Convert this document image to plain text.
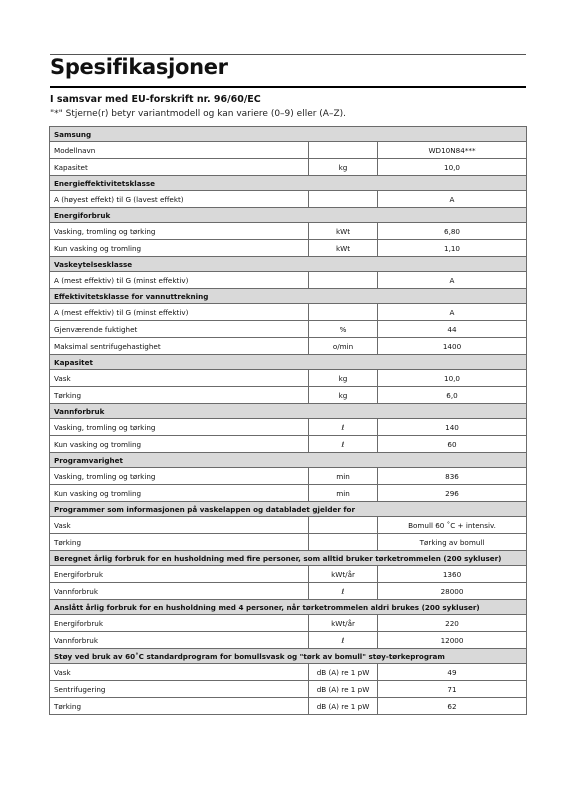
Spesifikasjoner
I samsvar med EU-forskrift nr. 96/60/EC
"*" Stjerne(r) betyr variantmodell og kan variere (0–9) eller (A–Z).
Samsung		
Modellnavn		WD10N84***
Kapasitet	kg	10,0
Energieffektivitetsklasse		
A (høyest effekt) til G (lavest effekt)		A
Energiforbruk		
Vasking, tromling og tørking	kWt	6,80
Kun vasking og tromling	kWt	1,10
Vaskeytelsesklasse		
A (mest effektiv) til G (minst effektiv)		A
Effektivitetsklasse for vannuttrekning		
A (mest effektiv) til G (minst effektiv)		A
Gjenværende fuktighet	%	44
Maksimal sentrifugehastighet	o/min	1400
Kapasitet		
Vask	kg	10,0
Tørking	kg	6,0
Vannforbruk		
Vasking, tromling og tørking	ℓ	140
Kun vasking og tromling	ℓ	60
Programvarighet		
Vasking, tromling og tørking	min	836
Kun vasking og tromling	min	296
Programmer som informasjonen på vaskelappen og databladet gjelder for		
Vask		Bomull 60 ˚C + intensiv.
Tørking		Tørking av bomull
Beregnet årlig forbruk for en husholdning med fire personer, som alltid bruker tørketrommelen (200 sykluser)		
Energiforbruk	kWt/år	1360
Vannforbruk	ℓ	28000
Anslått årlig forbruk for en husholdning med 4 personer, når tørketrommelen aldri brukes (200 sykluser)		
Energiforbruk	kWt/år	220
Vannforbruk	ℓ	12000
Støy ved bruk av 60˚C standardprogram for bomullsvask og "tørk av bomull" støy-tørkeprogram		
Vask	dB (A) re 1 pW	49
Sentrifugering	dB (A) re 1 pW	71
Tørking	dB (A) re 1 pW	62
